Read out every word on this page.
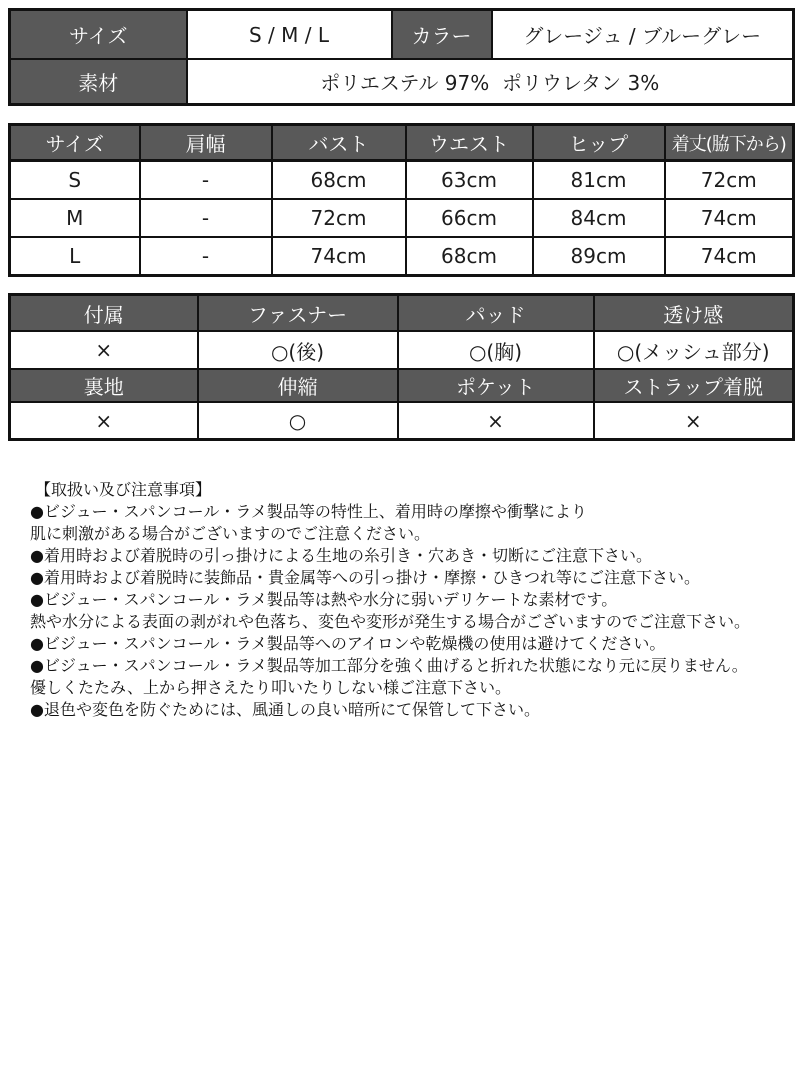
サイズ	S / M / L	カラー	グレージュ / ブルーグレー
素材	ポリエステル 97%  ポリウレタン 3%		
サイズ	肩幅	バスト	ウエスト	ヒップ	着丈(脇下から)
S	-	68cm	63cm	81cm	72cm
M	-	72cm	66cm	84cm	74cm
L	-	74cm	68cm	89cm	74cm
付属	ファスナー	パッド	透け感
×	○(後)	○(胸)	○(メッシュ部分)
裏地	伸縮	ポケット	ストラップ着脱
×	○	×	×
【取扱い及び注意事項】
●ビジュー・スパンコール・ラメ製品等の特性上、着用時の摩擦や衝撃により
肌に刺激がある場合がございますのでご注意ください。
●着用時および着脱時の引っ掛けによる生地の糸引き・穴あき・切断にご注意下さい。
●着用時および着脱時に装飾品・貴金属等への引っ掛け・摩擦・ひきつれ等にご注意下さい。
●ビジュー・スパンコール・ラメ製品等は熱や水分に弱いデリケートな素材です。
熱や水分による表面の剥がれや色落ち、変色や変形が発生する場合がございますのでご注意下さい。
●ビジュー・スパンコール・ラメ製品等へのアイロンや乾燥機の使用は避けてください。
●ビジュー・スパンコール・ラメ製品等加工部分を強く曲げると折れた状態になり元に戻りません。
優しくたたみ、上から押さえたり叩いたりしない様ご注意下さい。
●退色や変色を防ぐためには、風通しの良い暗所にて保管して下さい。
